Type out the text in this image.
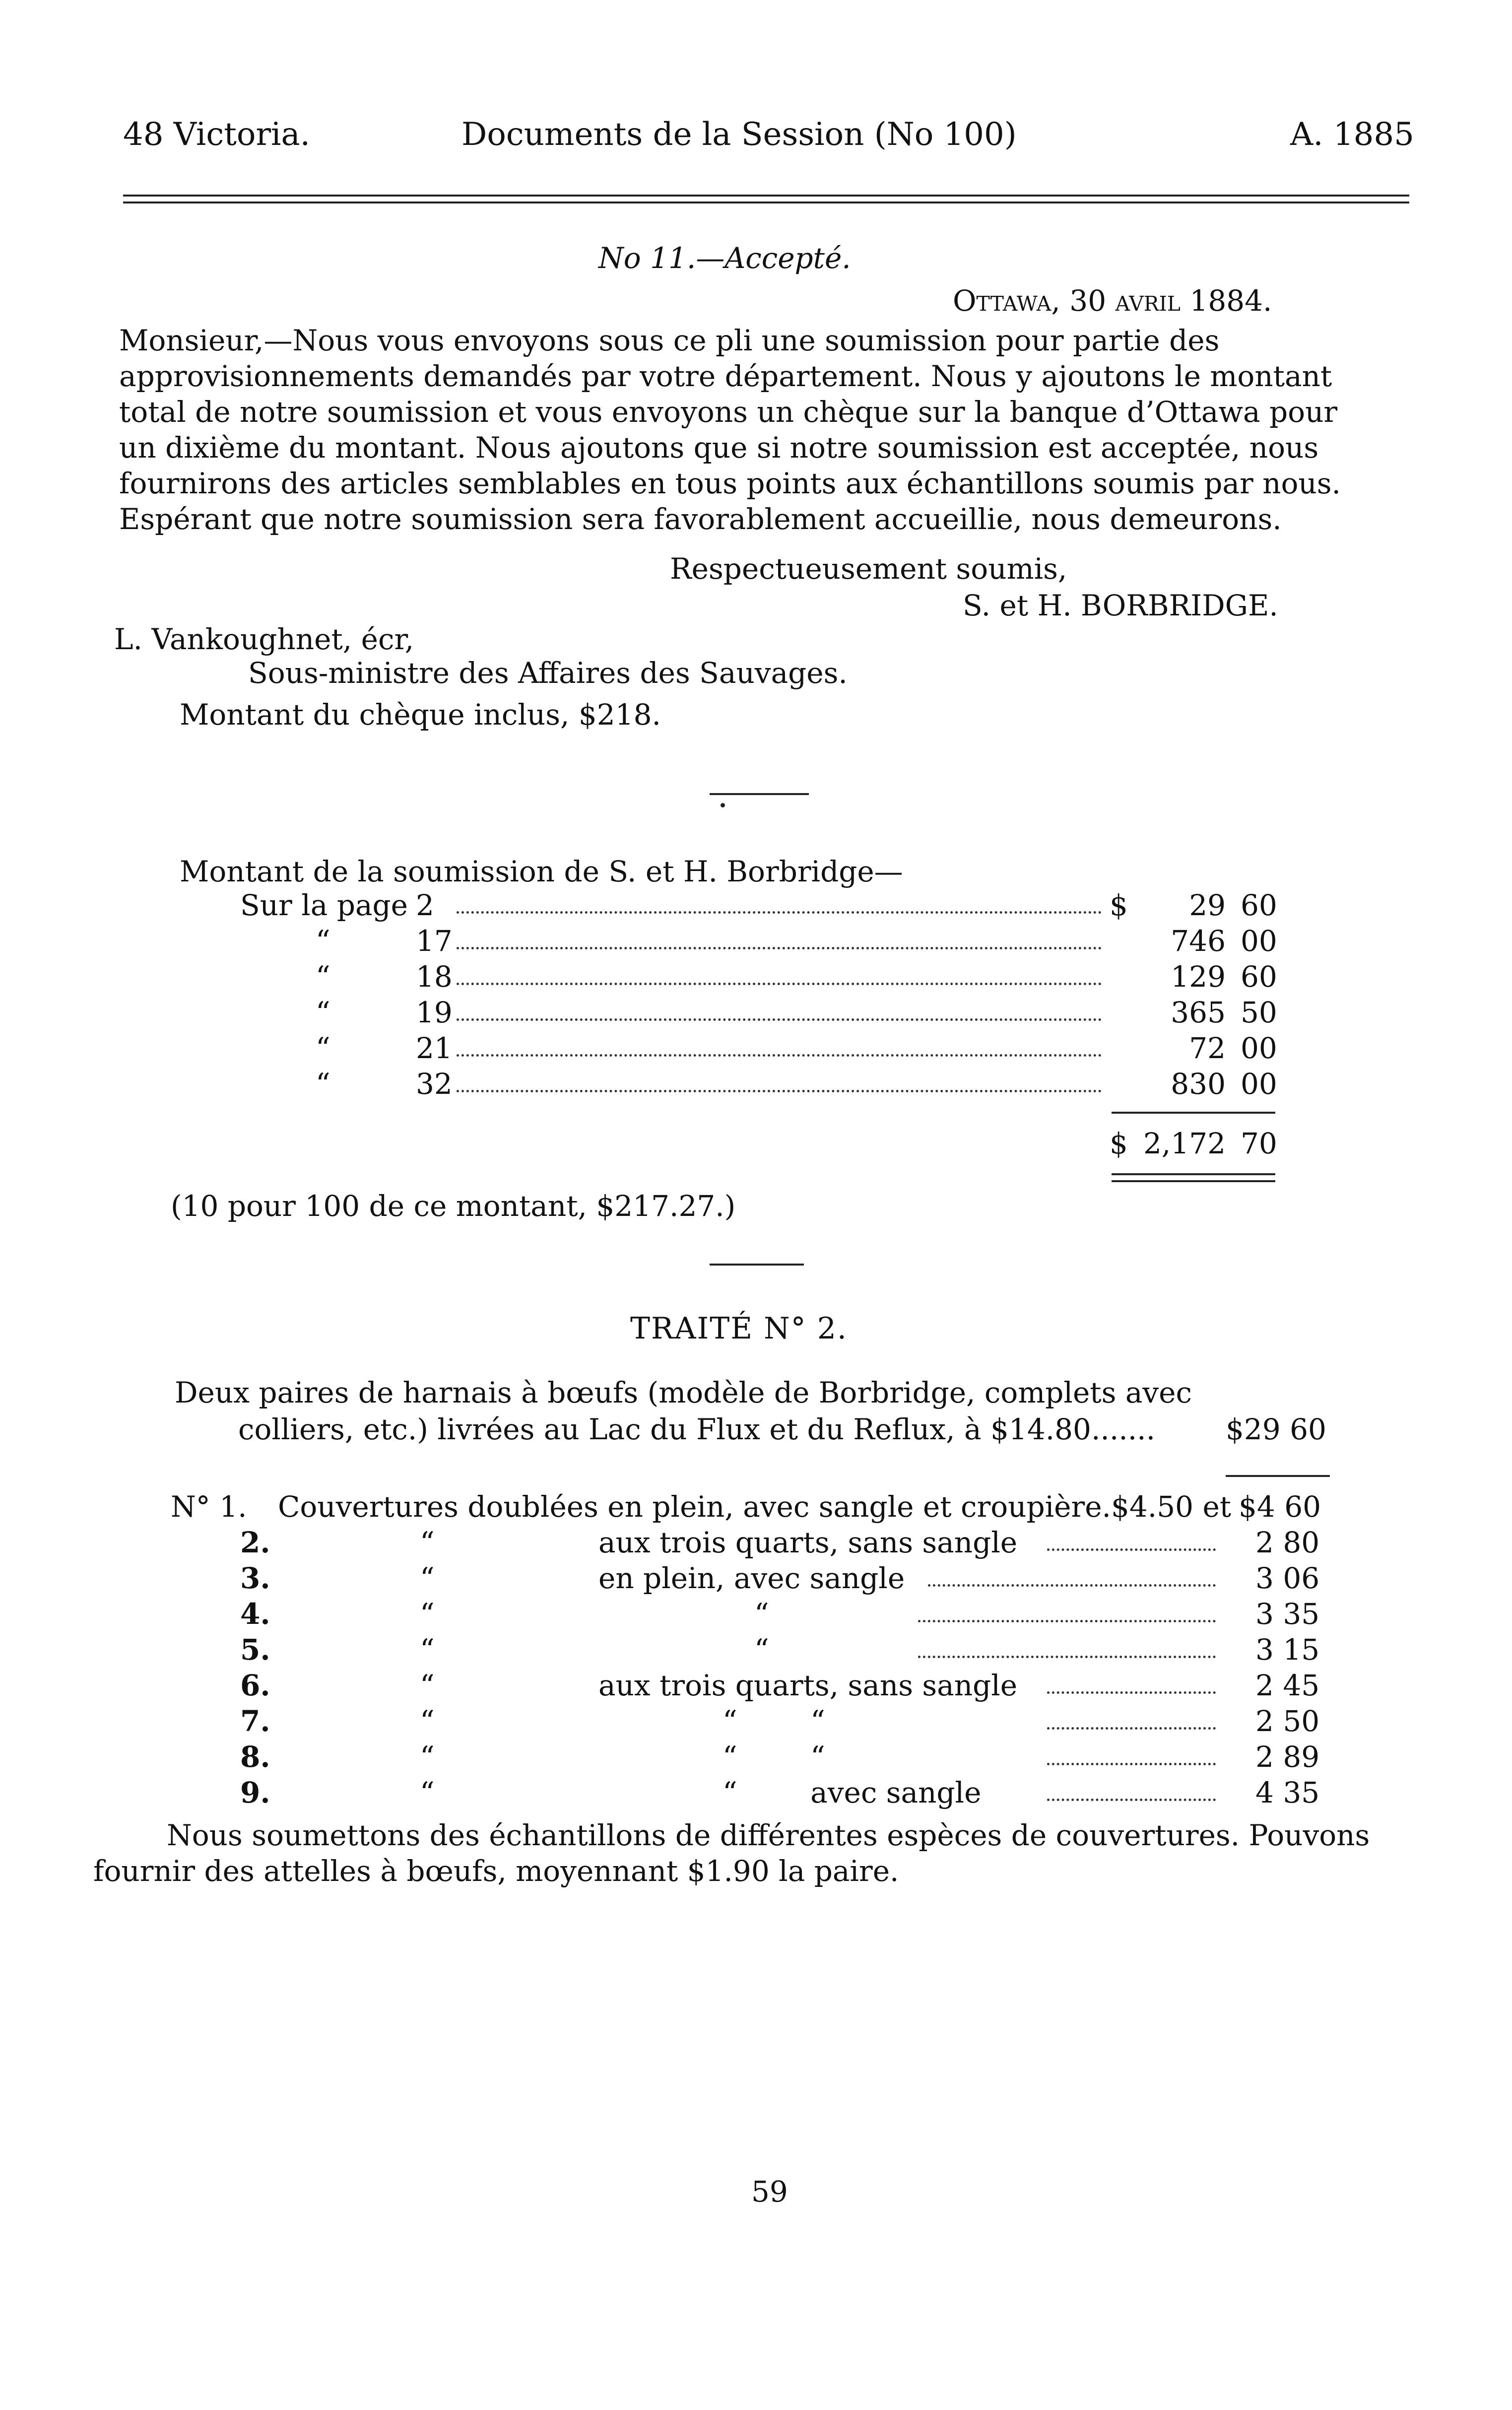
48 Victoria.	Documents de la Session (No 100)	A. 1885
No 11.—Accepté.
Ottawa, 30 avril 1884.
Monsieur,—Nous vous envoyons sous ce pli une soumission pour partie des
approvisionnements demandés par votre département. Nous y ajoutons le montant
total de notre soumission et vous envoyons un chèque sur la banque d’Ottawa pour
un dixième du montant. Nous ajoutons que si notre soumission est acceptée, nous
fournirons des articles semblables en tous points aux échantillons soumis par nous.
Espérant que notre soumission sera favorablement accueillie, nous demeurons.
Respectueusement soumis,
S. et H. BORBRIDGE.
L. Vankoughnet, écr,
Sous-ministre des Affaires des Sauvages.
Montant du chèque inclus, $218.
Montant de la soumission de S. et H. Borbridge—
Sur la page 2	$	29 60
“	17	746 00
“	18	129 60
“	19	365 50
“	21	72 00
“	32	830 00
$ 2,172 70
(10 pour 100 de ce montant, $217.27.)
TRAITÉ N° 2.
Deux paires de harnais à bœufs (modèle de Borbridge, complets avec
colliers, etc.) livrées au Lac du Flux et du Reflux, à $14.80....... $29 60
N° 1. Couvertures doublées en plein, avec sangle et croupière.$4.50 et $4 60
2.	“	aux trois quarts, sans sangle	2 80
3.	“	en plein, avec sangle	3 06
4.	“	“	3 35
5.	“	“	3 15
6.	“	aux trois quarts, sans sangle	2 45
7.	“	“        “	2 50
8.	“	“        “	2 89
9.	“	“        avec sangle	4 35
Nous soumettons des échantillons de différentes espèces de couvertures. Pouvons
fournir des attelles à bœufs, moyennant $1.90 la paire.
59
